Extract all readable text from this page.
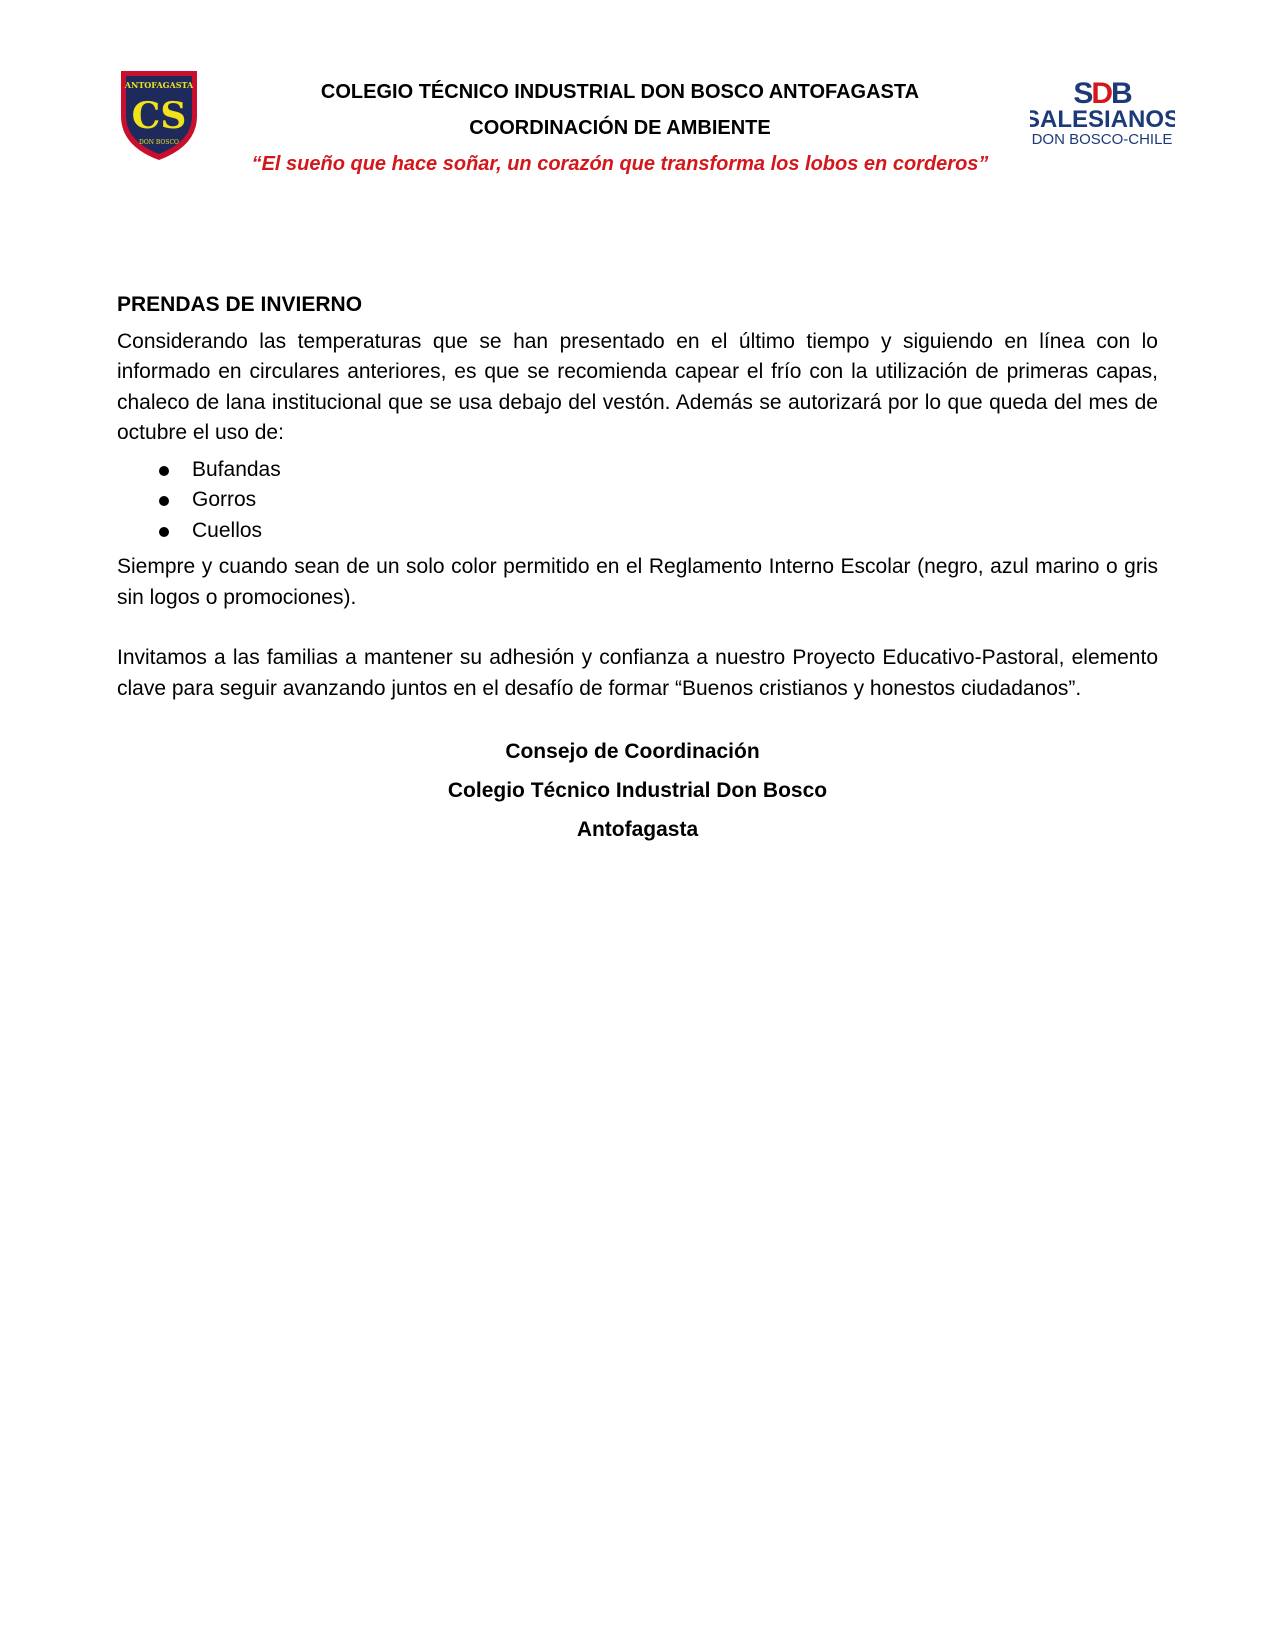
ANTOFAGASTA
CS
DON BOSCO
COLEGIO TÉCNICO INDUSTRIAL DON BOSCO ANTOFAGASTA
COORDINACIÓN DE AMBIENTE
“El sueño que hace soñar, un corazón que transforma los lobos en corderos”
SDB
SALESIANOS
DON BOSCO-CHILE
PRENDAS DE INVIERNO

Considerando las temperaturas que se han presentado en el último tiempo y siguiendo en línea con lo informado en circulares anteriores, es que se recomienda capear el frío con la utilización de primeras capas, chaleco de lana institucional que se usa debajo del vestón. Además se autorizará por lo que queda del mes de octubre el uso de:

Bufandas
Gorros
Cuellos

Siempre y cuando sean de un solo color permitido en el Reglamento Interno Escolar (negro, azul marino o gris sin logos o promociones).

Invitamos a las familias a mantener su adhesión y confianza a nuestro Proyecto Educativo-Pastoral, elemento clave para seguir avanzando juntos en el desafío de formar “Buenos cristianos y honestos ciudadanos”.

Consejo de Coordinación
Colegio Técnico Industrial Don Bosco
Antofagasta
